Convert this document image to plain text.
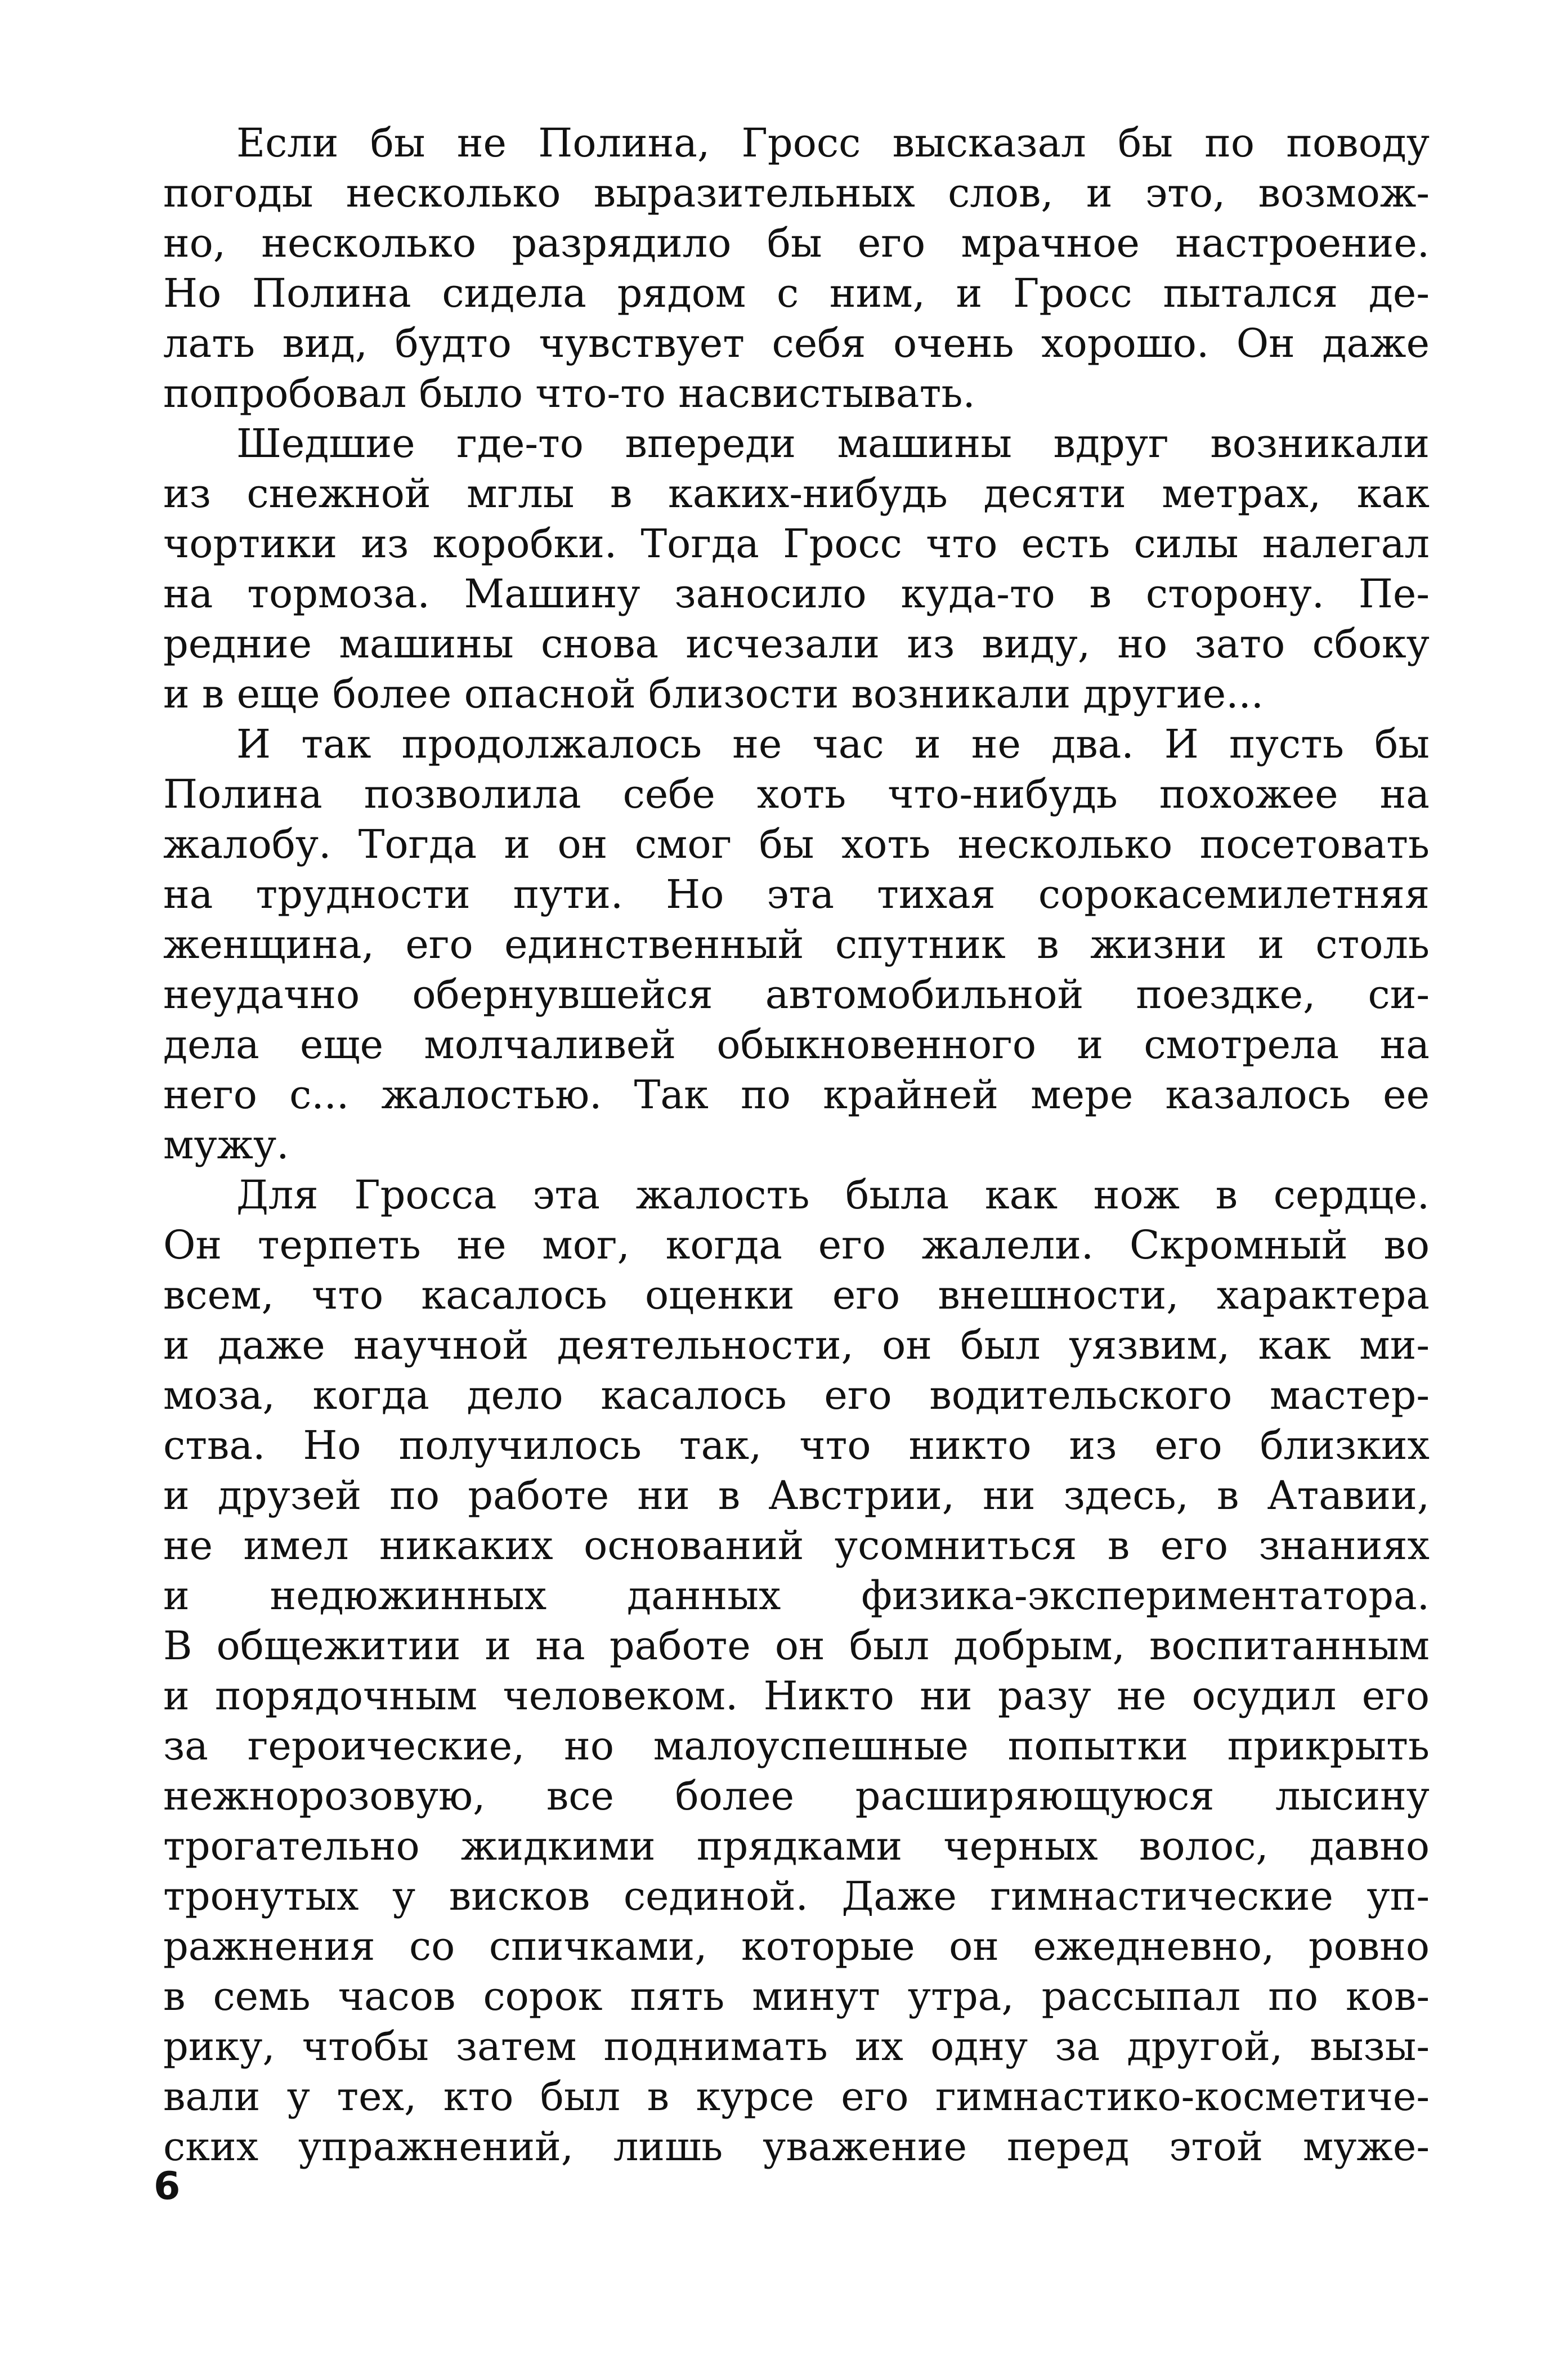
Если бы не Полина, Гросс высказал бы по поводу
погоды несколько выразительных слов, и это, возмож-
но, несколько разрядило бы его мрачное настроение.
Но Полина сидела рядом с ним, и Гросс пытался де-
лать вид, будто чувствует себя очень хорошо. Он даже
попробовал было что-то насвистывать.
Шедшие где-то впереди машины вдруг возникали
из снежной мглы в каких-нибудь десяти метрах, как
чортики из коробки. Тогда Гросс что есть силы налегал
на тормоза. Машину заносило куда-то в сторону. Пе-
редние машины снова исчезали из виду, но зато сбоку
и в еще более опасной близости возникали другие...
И так продолжалось не час и не два. И пусть бы
Полина позволила себе хоть что-нибудь похожее на
жалобу. Тогда и он смог бы хоть несколько посетовать
на трудности пути. Но эта тихая сорокасемилетняя
женщина, его единственный спутник в жизни и столь
неудачно обернувшейся автомобильной поездке, си-
дела еще молчаливей обыкновенного и смотрела на
него с... жалостью. Так по крайней мере казалось ее
мужу.
Для Гросса эта жалость была как нож в сердце.
Он терпеть не мог, когда его жалели. Скромный во
всем, что касалось оценки его внешности, характера
и даже научной деятельности, он был уязвим, как ми-
моза, когда дело касалось его водительского мастер-
ства. Но получилось так, что никто из его близких
и друзей по работе ни в Австрии, ни здесь, в Атавии,
не имел никаких оснований усомниться в его знаниях
и недюжинных данных физика-экспериментатора.
В общежитии и на работе он был добрым, воспитанным
и порядочным человеком. Никто ни разу не осудил его
за героические, но малоуспешные попытки прикрыть
нежнорозовую, все более расширяющуюся лысину
трогательно жидкими прядками черных волос, давно
тронутых у висков сединой. Даже гимнастические уп-
ражнения со спичками, которые он ежедневно, ровно
в семь часов сорок пять минут утра, рассыпал по ков-
рику, чтобы затем поднимать их одну за другой, вызы-
вали у тех, кто был в курсе его гимнастико-косметиче-
ских упражнений, лишь уважение перед этой муже-
6
